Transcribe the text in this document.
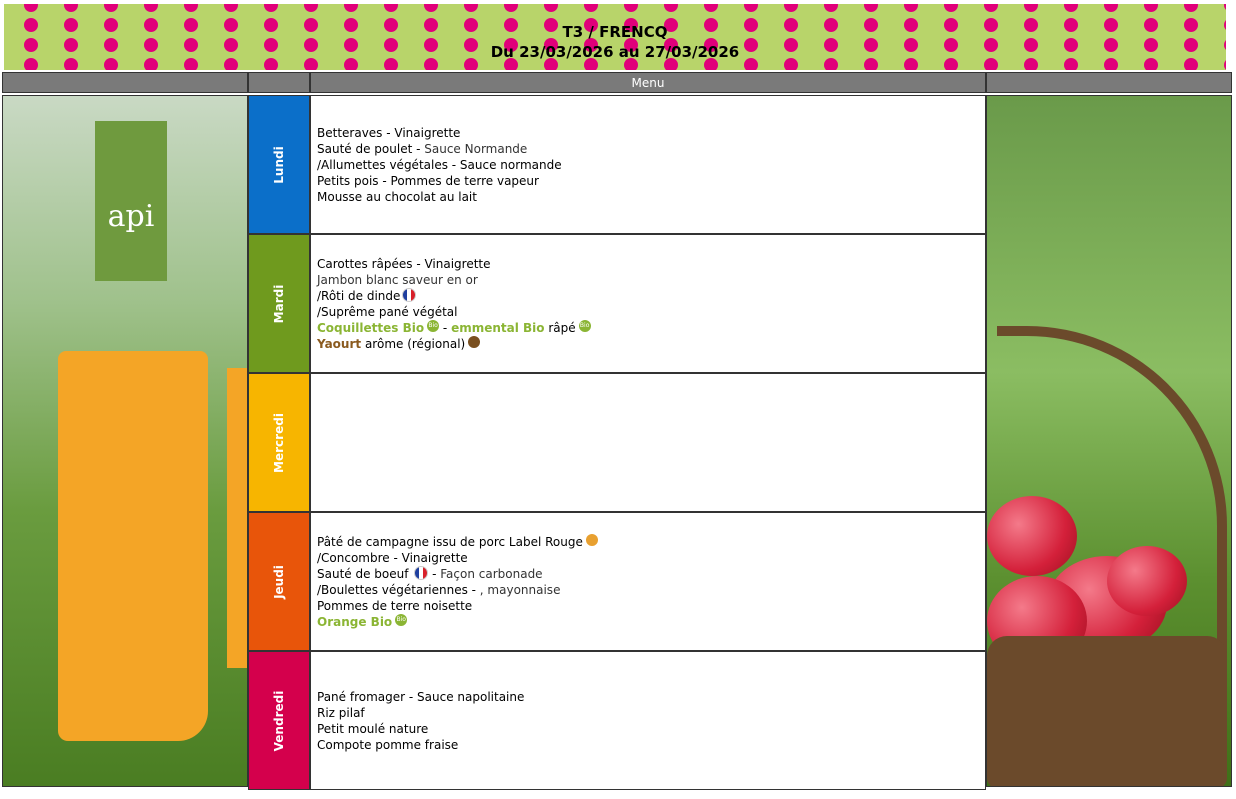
T3 / FRENCQ
Du 23/03/2026 au 27/03/2026
Menu
api
Lundi
Betteraves - Vinaigrette
Sauté de poulet - Sauce Normande
/Allumettes végétales - Sauce normande
Petits pois - Pommes de terre vapeur
Mousse au chocolat au lait
Mardi
Carottes râpées - Vinaigrette
Jambon blanc saveur en or
/Rôti de dinde
/Suprême pané végétal
Coquillettes Bio Bio - emmental Bio râpé Bio
Yaourt arôme (régional)
Mercredi
Jeudi
Pâté de campagne issu de porc Label Rouge
/Concombre - Vinaigrette
Sauté de boeuf  - Façon carbonade
/Boulettes végétariennes - , mayonnaise
Pommes de terre noisette
Orange Bio Bio
Vendredi	Pané fromager - Sauce napolitaine
Riz pilaf
Petit moulé nature
Compote pomme fraise
